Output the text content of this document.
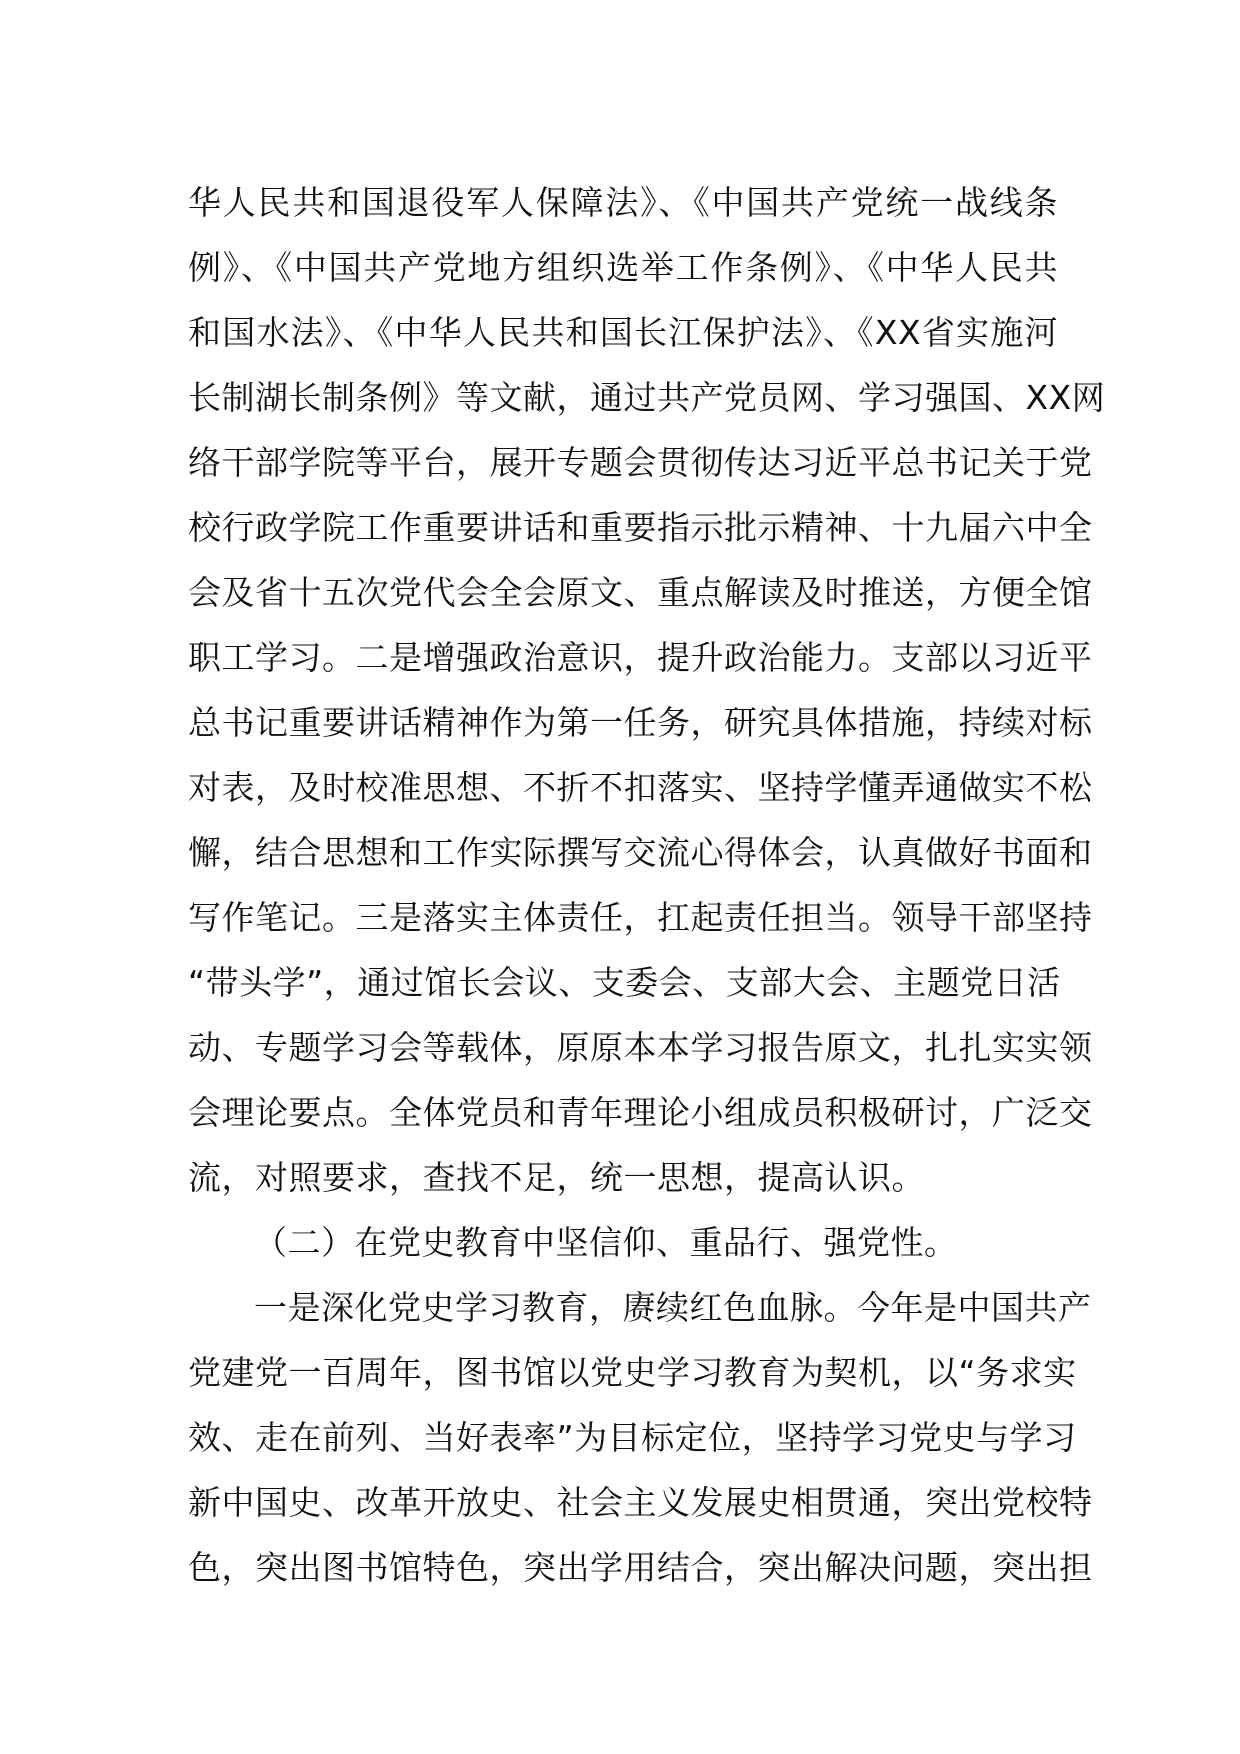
华人民共和国退役军人保障法》、《中国共产党统一战线条
例》、《中国共产党地方组织选举工作条例》、《中华人民共
和国水法》、《中华人民共和国长江保护法》、《XX省实施河
长制湖长制条例》等文献，通过共产党员网、学习强国、XX网
络干部学院等平台，展开专题会贯彻传达习近平总书记关于党
校行政学院工作重要讲话和重要指示批示精神、十九届六中全
会及省十五次党代会全会原文、重点解读及时推送，方便全馆
职工学习。二是增强政治意识，提升政治能力。支部以习近平
总书记重要讲话精神作为第一任务，研究具体措施，持续对标
对表，及时校准思想、不折不扣落实、坚持学懂弄通做实不松
懈，结合思想和工作实际撰写交流心得体会，认真做好书面和
写作笔记。三是落实主体责任，扛起责任担当。领导干部坚持
“带头学”，通过馆长会议、支委会、支部大会、主题党日活
动、专题学习会等载体，原原本本学习报告原文，扎扎实实领
会理论要点。全体党员和青年理论小组成员积极研讨，广泛交
流，对照要求，查找不足，统一思想，提高认识。
（二）在党史教育中坚信仰、重品行、强党性。
一是深化党史学习教育，赓续红色血脉。今年是中国共产
党建党一百周年，图书馆以党史学习教育为契机，以“务求实
效、走在前列、当好表率”为目标定位，坚持学习党史与学习
新中国史、改革开放史、社会主义发展史相贯通，突出党校特
色，突出图书馆特色，突出学用结合，突出解决问题，突出担
